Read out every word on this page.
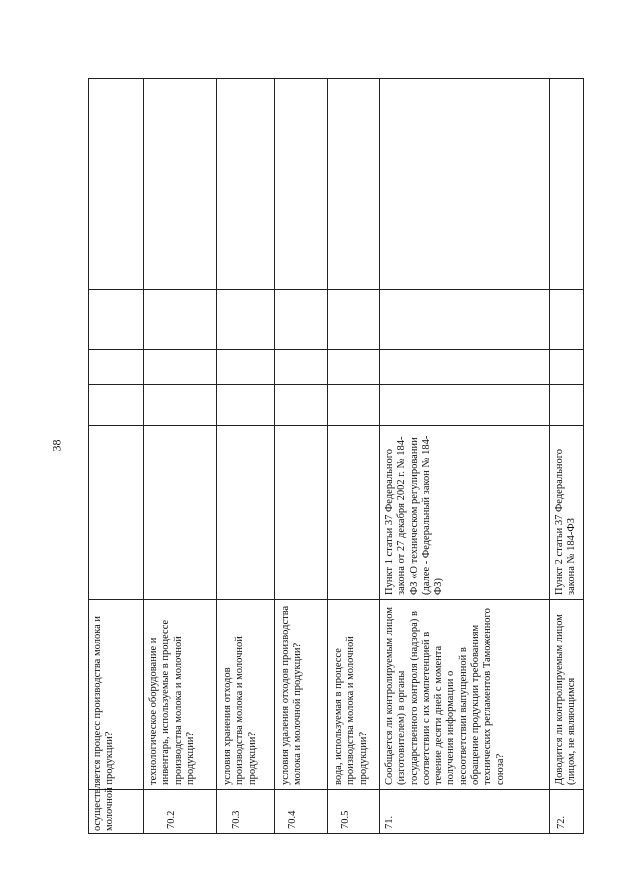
38
осуществляется процесс производства молока и молочной продукции?	70.2
технологическое оборудование и инвентарь, используемые в процессе производства молока и молочной продукции?
70.3
условия хранения отходов производства молока и молочной продукции?
70.4
условия удаления отходов производства молока и молочной продукции?
70.5
вода, используемая в процессе производства молока и молочной продукции?
71.
Сообщается ли контролируемым лицом (изготовителем) в органы государственного контроля (надзора) в соответствии с их компетенцией в течение десяти дней с момента получения информации о несоответствии выпущенной в обращение продукции требованиям технических регламентов Таможенного союза?
Пункт 1 статьи 37 Федерального закона от 27 декабря 2002 г. № 184-ФЗ «О техническом регулировании (далее - Федеральный закон № 184-ФЗ)
72.
Доводится ли контролируемым лицом (лицом, не являющимся
Пункт 2 статьи 37 Федерального закона № 184-ФЗ
